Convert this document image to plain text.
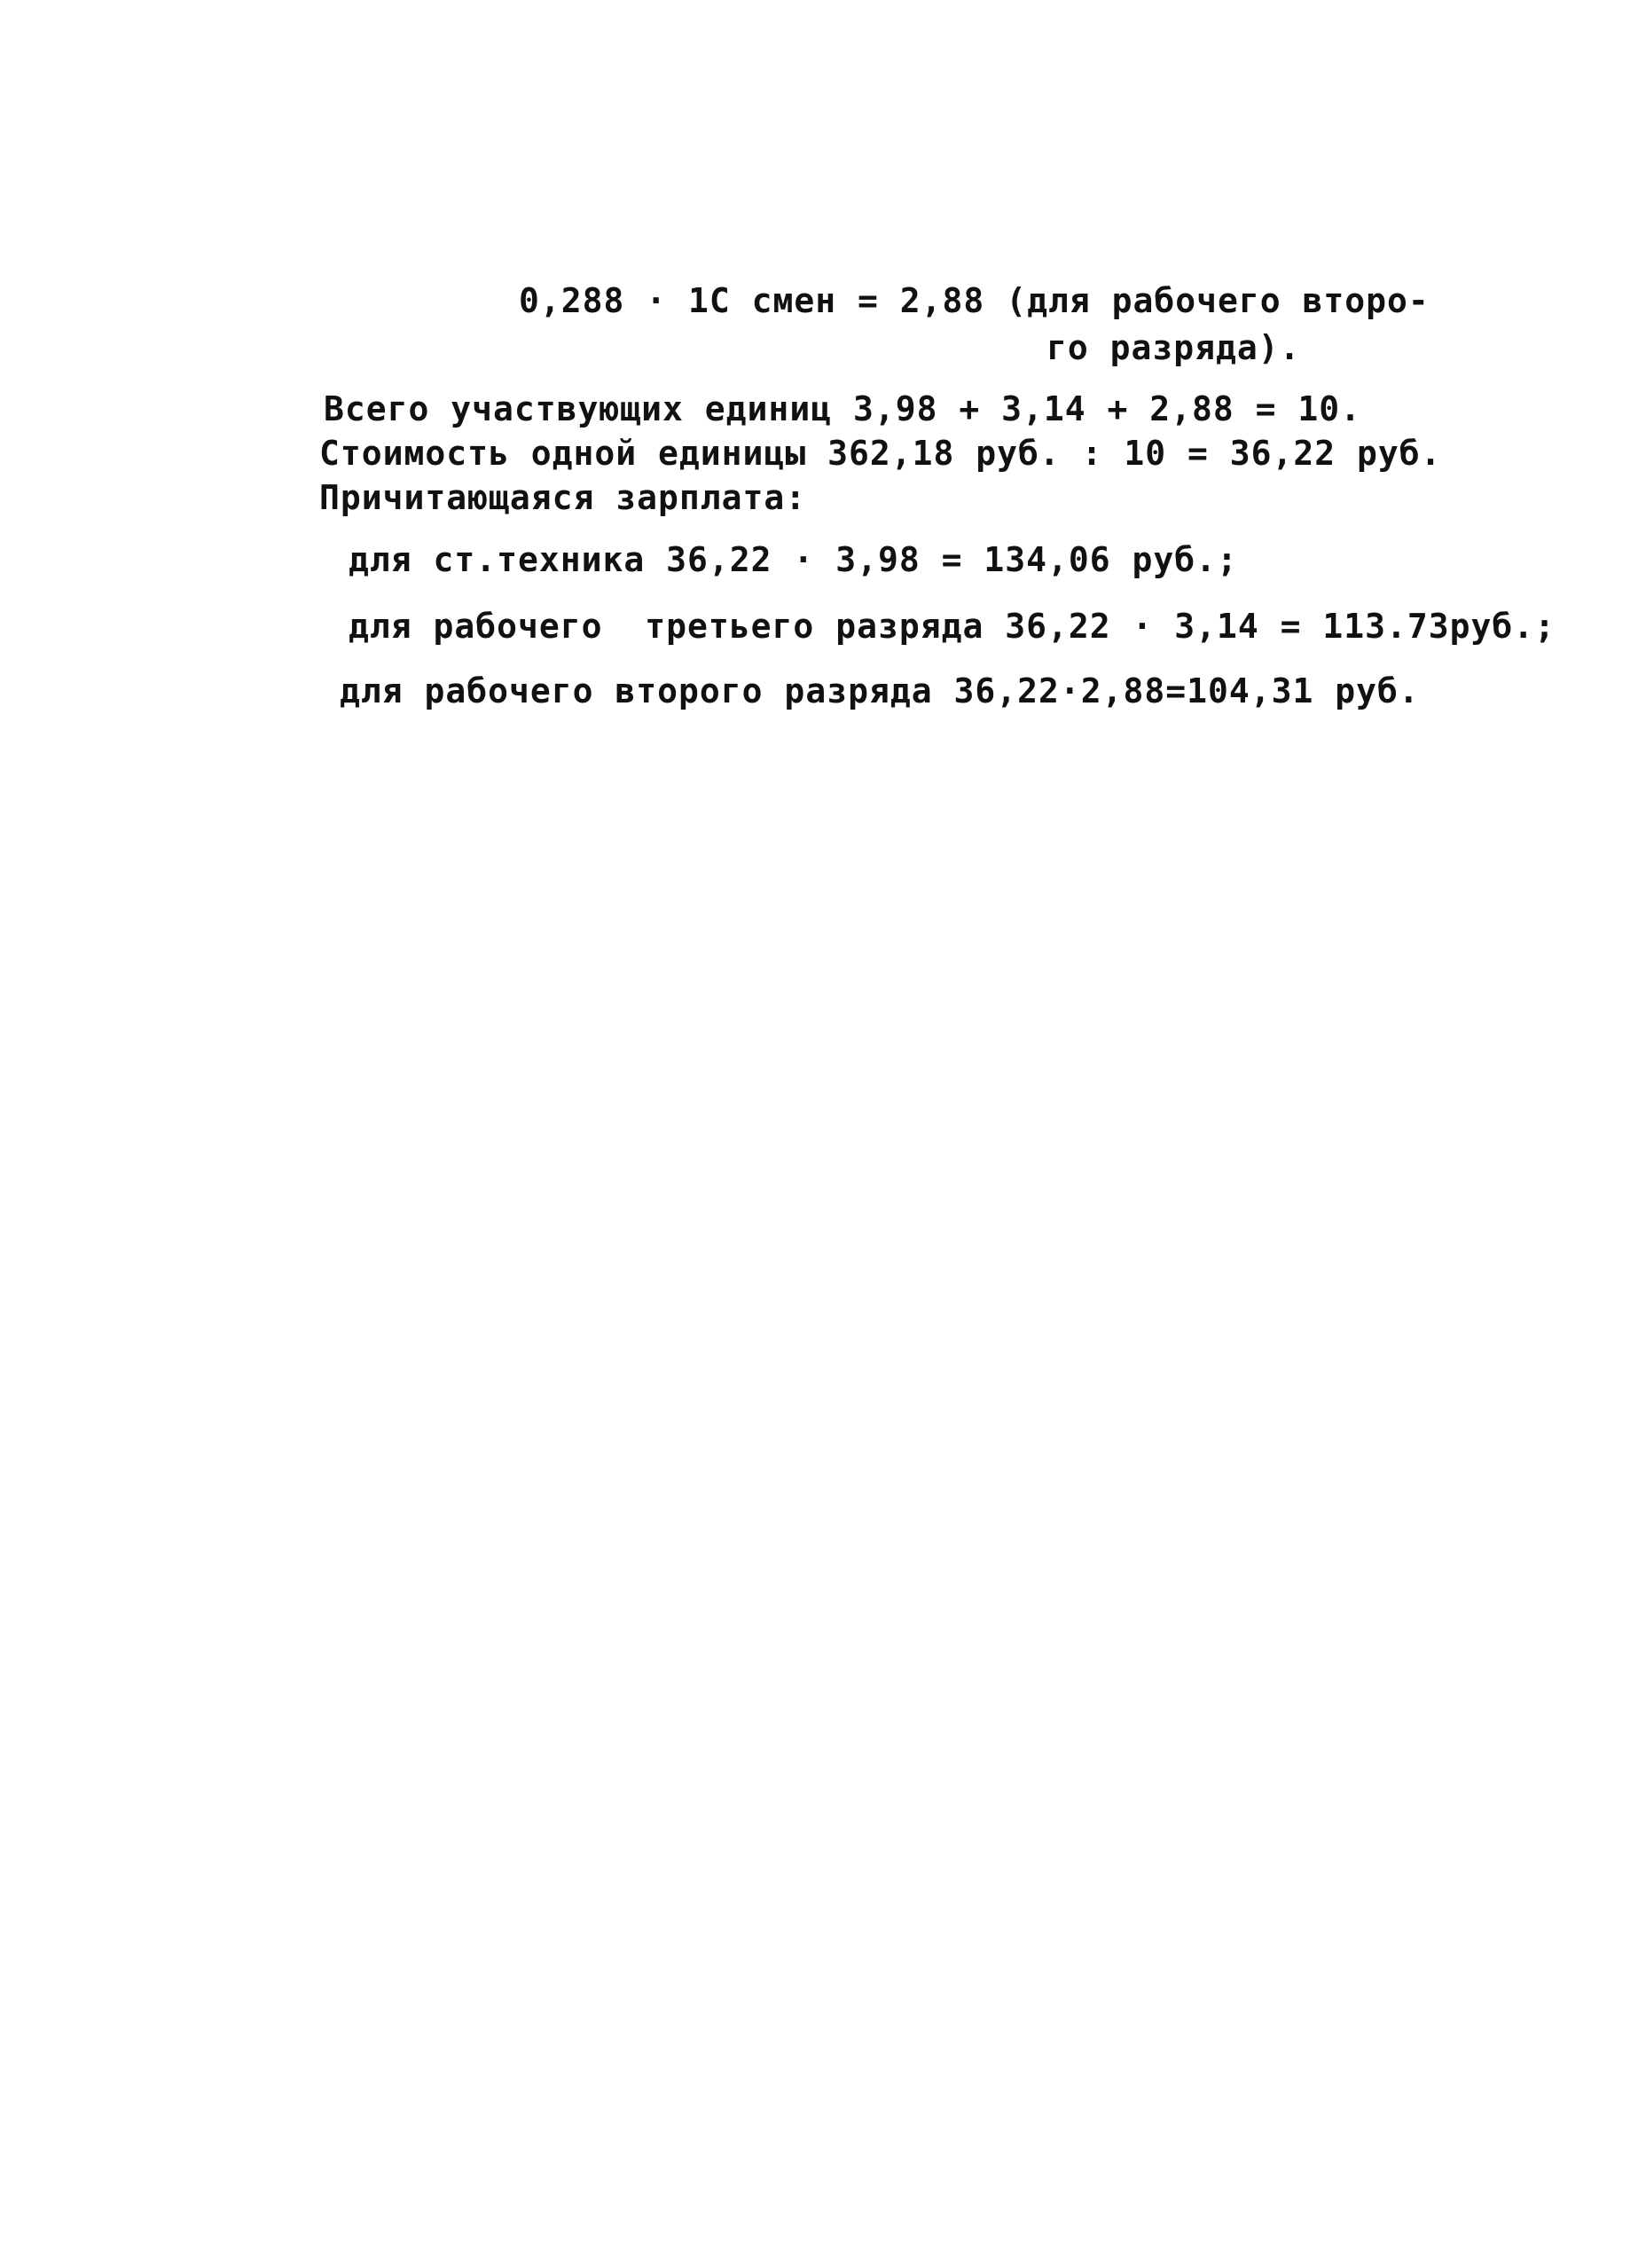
0,288 · 1С смен = 2,88 (для рабочего второ-
го разряда).
Всего участвующих единиц 3,98 + 3,14 + 2,88 = 10.
Стоимость одной единицы 362,18 руб. : 10 = 36,22 руб.
Причитающаяся зарплата:
для ст.техника 36,22 · 3,98 = 134,06 руб.;
для рабочего  третьего разряда 36,22 · 3,14 = 113.73руб.;
для рабочего второго разряда 36,22·2,88=104,31 руб.
